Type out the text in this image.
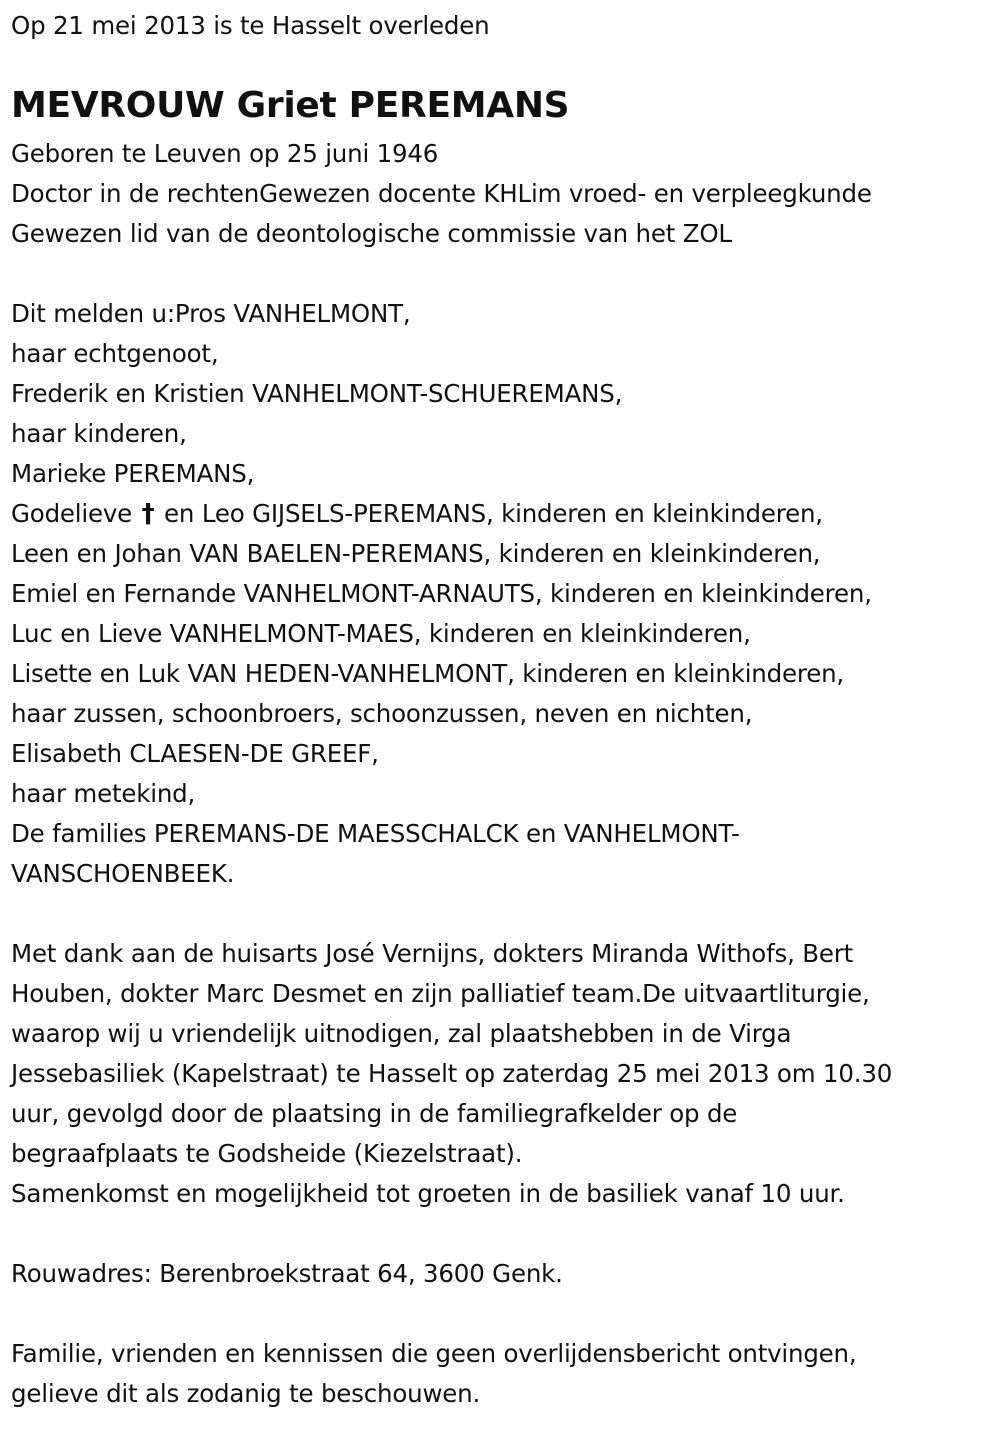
Op 21 mei 2013 is te Hasselt overleden
MEVROUW Griet PEREMANS
Geboren te Leuven op 25 juni 1946
Doctor in de rechtenGewezen docente KHLim vroed- en verpleegkunde
Gewezen lid van de deontologische commissie van het ZOL
Dit melden u:Pros VANHELMONT,
haar echtgenoot,
Frederik en Kristien VANHELMONT-SCHUEREMANS,
haar kinderen,
Marieke PEREMANS,
Godelieve † en Leo GIJSELS-PEREMANS, kinderen en kleinkinderen,
Leen en Johan VAN BAELEN-PEREMANS, kinderen en kleinkinderen,
Emiel en Fernande VANHELMONT-ARNAUTS, kinderen en kleinkinderen,
Luc en Lieve VANHELMONT-MAES, kinderen en kleinkinderen,
Lisette en Luk VAN HEDEN-VANHELMONT, kinderen en kleinkinderen,
haar zussen, schoonbroers, schoonzussen, neven en nichten,
Elisabeth CLAESEN-DE GREEF,
haar metekind,
De families PEREMANS-DE MAESSCHALCK en VANHELMONT-
VANSCHOENBEEK.
Met dank aan de huisarts José Vernijns, dokters Miranda Withofs, Bert
Houben, dokter Marc Desmet en zijn palliatief team.De uitvaartliturgie,
waarop wij u vriendelijk uitnodigen, zal plaatshebben in de Virga
Jessebasiliek (Kapelstraat) te Hasselt op zaterdag 25 mei 2013 om 10.30
uur, gevolgd door de plaatsing in de familiegrafkelder op de
begraafplaats te Godsheide (Kiezelstraat).
Samenkomst en mogelijkheid tot groeten in de basiliek vanaf 10 uur.
Rouwadres: Berenbroekstraat 64, 3600 Genk.
Familie, vrienden en kennissen die geen overlijdensbericht ontvingen,
gelieve dit als zodanig te beschouwen.
